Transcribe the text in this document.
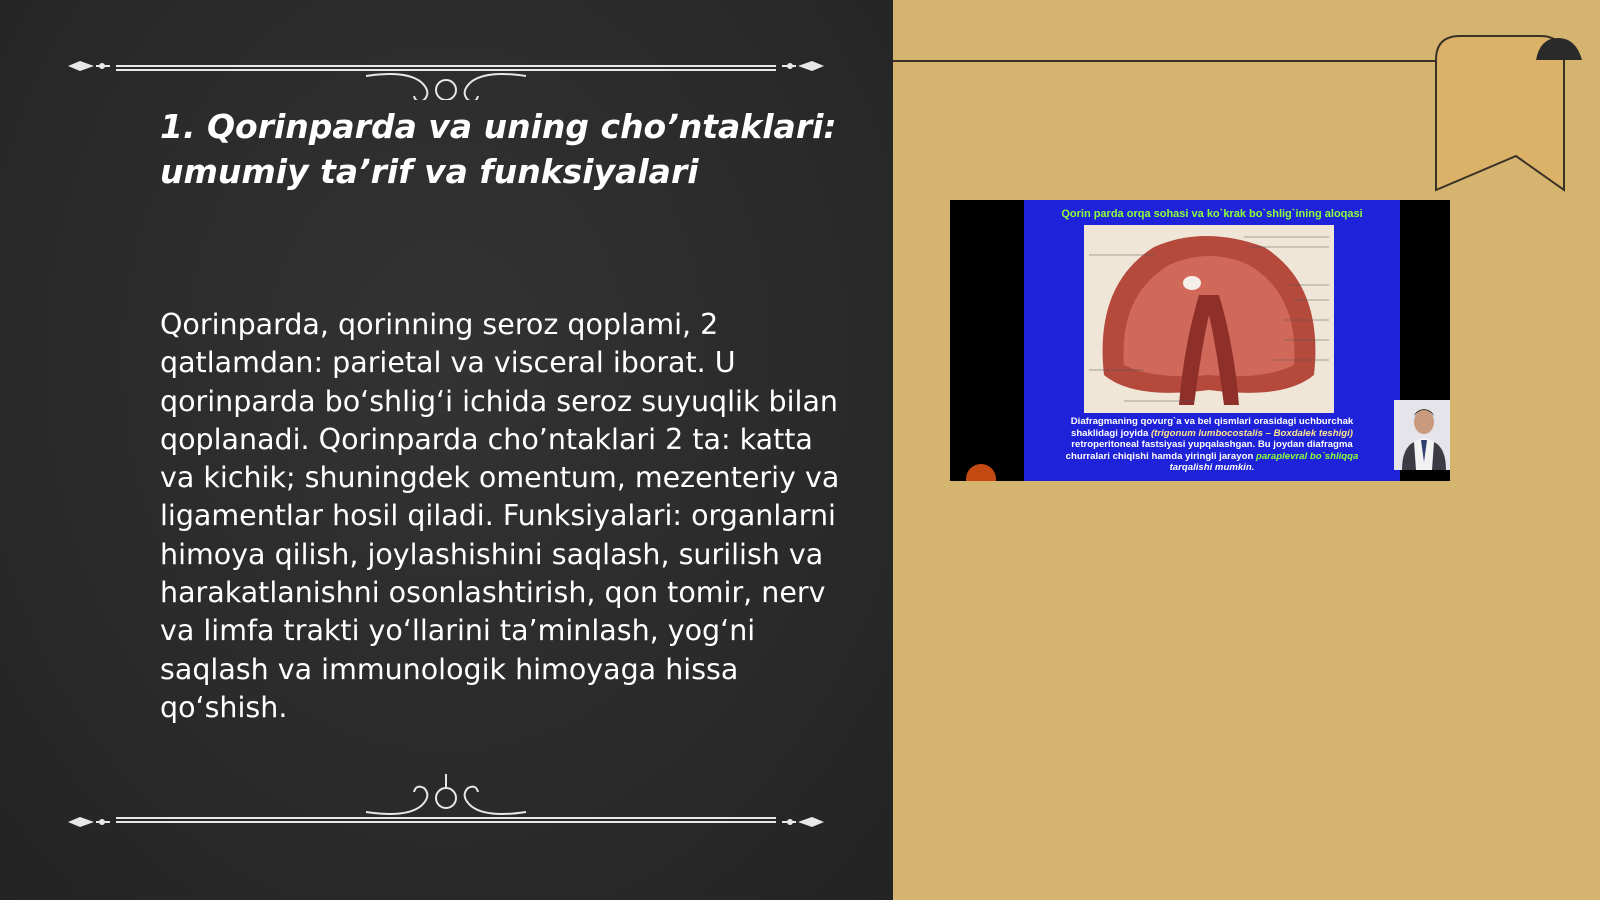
1. Qorinparda va uning cho’ntaklari:
umumiy ta’rif va funksiyalari

Qorinparda, qorinning seroz qoplami, 2 qatlamdan: parietal va visceral iborat. U qorinparda bo‘shlig‘i ichida seroz suyuqlik bilan qoplanadi. Qorinparda cho’ntaklari 2 ta: katta va kichik; shuningdek omentum, mezenteriy va ligamentlar hosil qiladi. Funksiyalari: organlarni himoya qilish, joylashishini saqlash, surilish va harakatlanishni osonlashtirish, qon tomir, nerv va limfa trakti yo‘llarini ta’minlash, yog‘ni saqlash va immunologik himoyaga hissa qo‘shish.

Qorin parda orqa sohasi va ko`krak bo`shlig`ining aloqasi
Diafragmaning qovurg`a va bel qismlari orasidagi uchburchak
shaklidagi joyida (trigonum lumbocostalis – Boxdalek teshigi)
retroperitoneal fastsiyasi yupqalashgan. Bu joydan diafragma
churralari chiqishi hamda yiringli jarayon paraplevral bo`shliqqa
tarqalishi mumkin.
